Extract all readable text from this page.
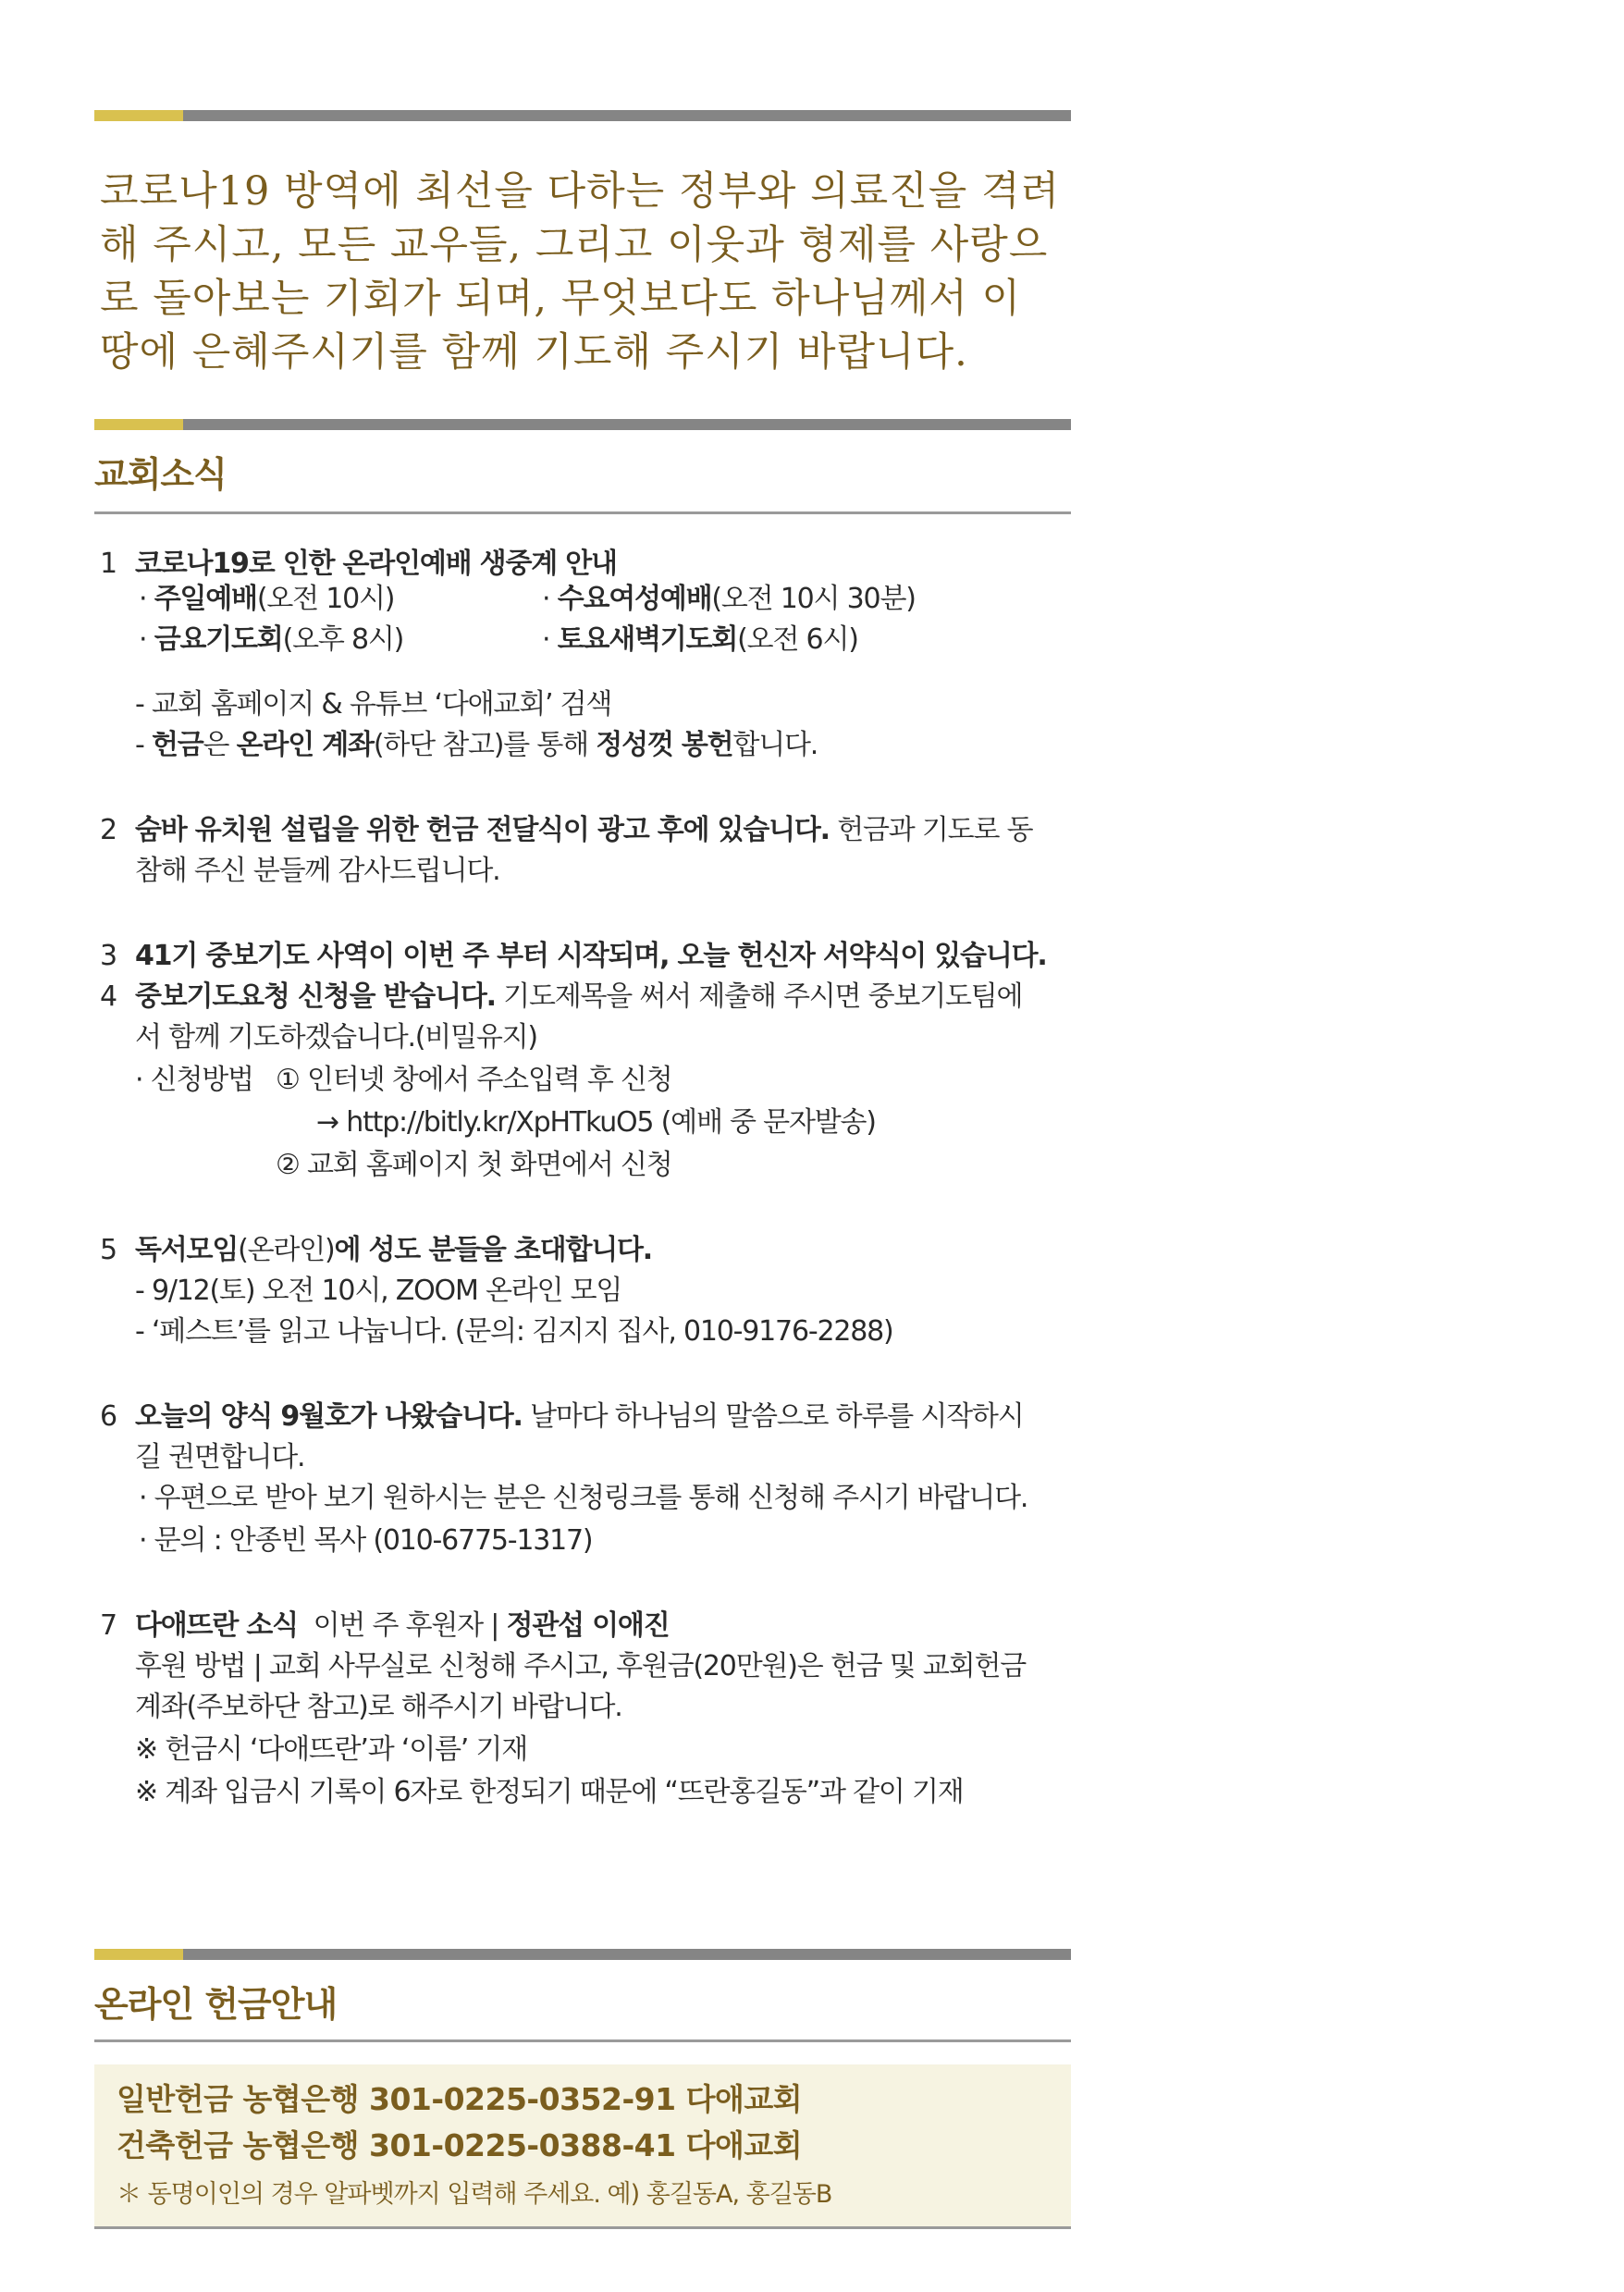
코로나19 방역에 최선을 다하는 정부와 의료진을 격려
해 주시고, 모든 교우들, 그리고 이웃과 형제를 사랑으
로 돌아보는 기회가 되며, 무엇보다도 하나님께서 이
땅에 은혜주시기를 함께 기도해 주시기 바랍니다.
교회소식
1 코로나19로 인한 온라인예배 생중계 안내
· 주일예배(오전 10시)	· 수요여성예배(오전 10시 30분)
· 금요기도회(오후 8시)	· 토요새벽기도회(오전 6시)
- 교회 홈페이지 & 유튜브 ‘다애교회’ 검색
- 헌금은 온라인 계좌(하단 참고)를 통해 정성껏 봉헌합니다.
2 숨바 유치원 설립을 위한 헌금 전달식이 광고 후에 있습니다. 헌금과 기도로 동
참해 주신 분들께 감사드립니다.
3 41기 중보기도 사역이 이번 주 부터 시작되며, 오늘 헌신자 서약식이 있습니다.
4 중보기도요청 신청을 받습니다. 기도제목을 써서 제출해 주시면 중보기도팀에
서 함께 기도하겠습니다.(비밀유지)
· 신청방법 ① 인터넷 창에서 주소입력 후 신청
→ http://bitly.kr/XpHTkuO5 (예배 중 문자발송)
② 교회 홈페이지 첫 화면에서 신청
5 독서모임(온라인)에 성도 분들을 초대합니다.
- 9/12(토) 오전 10시, ZOOM 온라인 모임
- ‘페스트’를 읽고 나눕니다. (문의: 김지지 집사, 010-9176-2288)
6 오늘의 양식 9월호가 나왔습니다. 날마다 하나님의 말씀으로 하루를 시작하시
길 권면합니다.
· 우편으로 받아 보기 원하시는 분은 신청링크를 통해 신청해 주시기 바랍니다.
· 문의 : 안종빈 목사 (010-6775-1317)
7 다애뜨란 소식  이번 주 후원자 | 정관섭 이애진
후원 방법 | 교회 사무실로 신청해 주시고, 후원금(20만원)은 헌금 및 교회헌금
계좌(주보하단 참고)로 해주시기 바랍니다.
※ 헌금시 ‘다애뜨란’과 ‘이름’ 기재
※ 계좌 입금시 기록이 6자로 한정되기 때문에 “뜨란홍길동”과 같이 기재
온라인 헌금안내
일반헌금 농협은행 301-0225-0352-91 다애교회
건축헌금 농협은행 301-0225-0388-41 다애교회
＊ 동명이인의 경우 알파벳까지 입력해 주세요. 예) 홍길동A, 홍길동B
